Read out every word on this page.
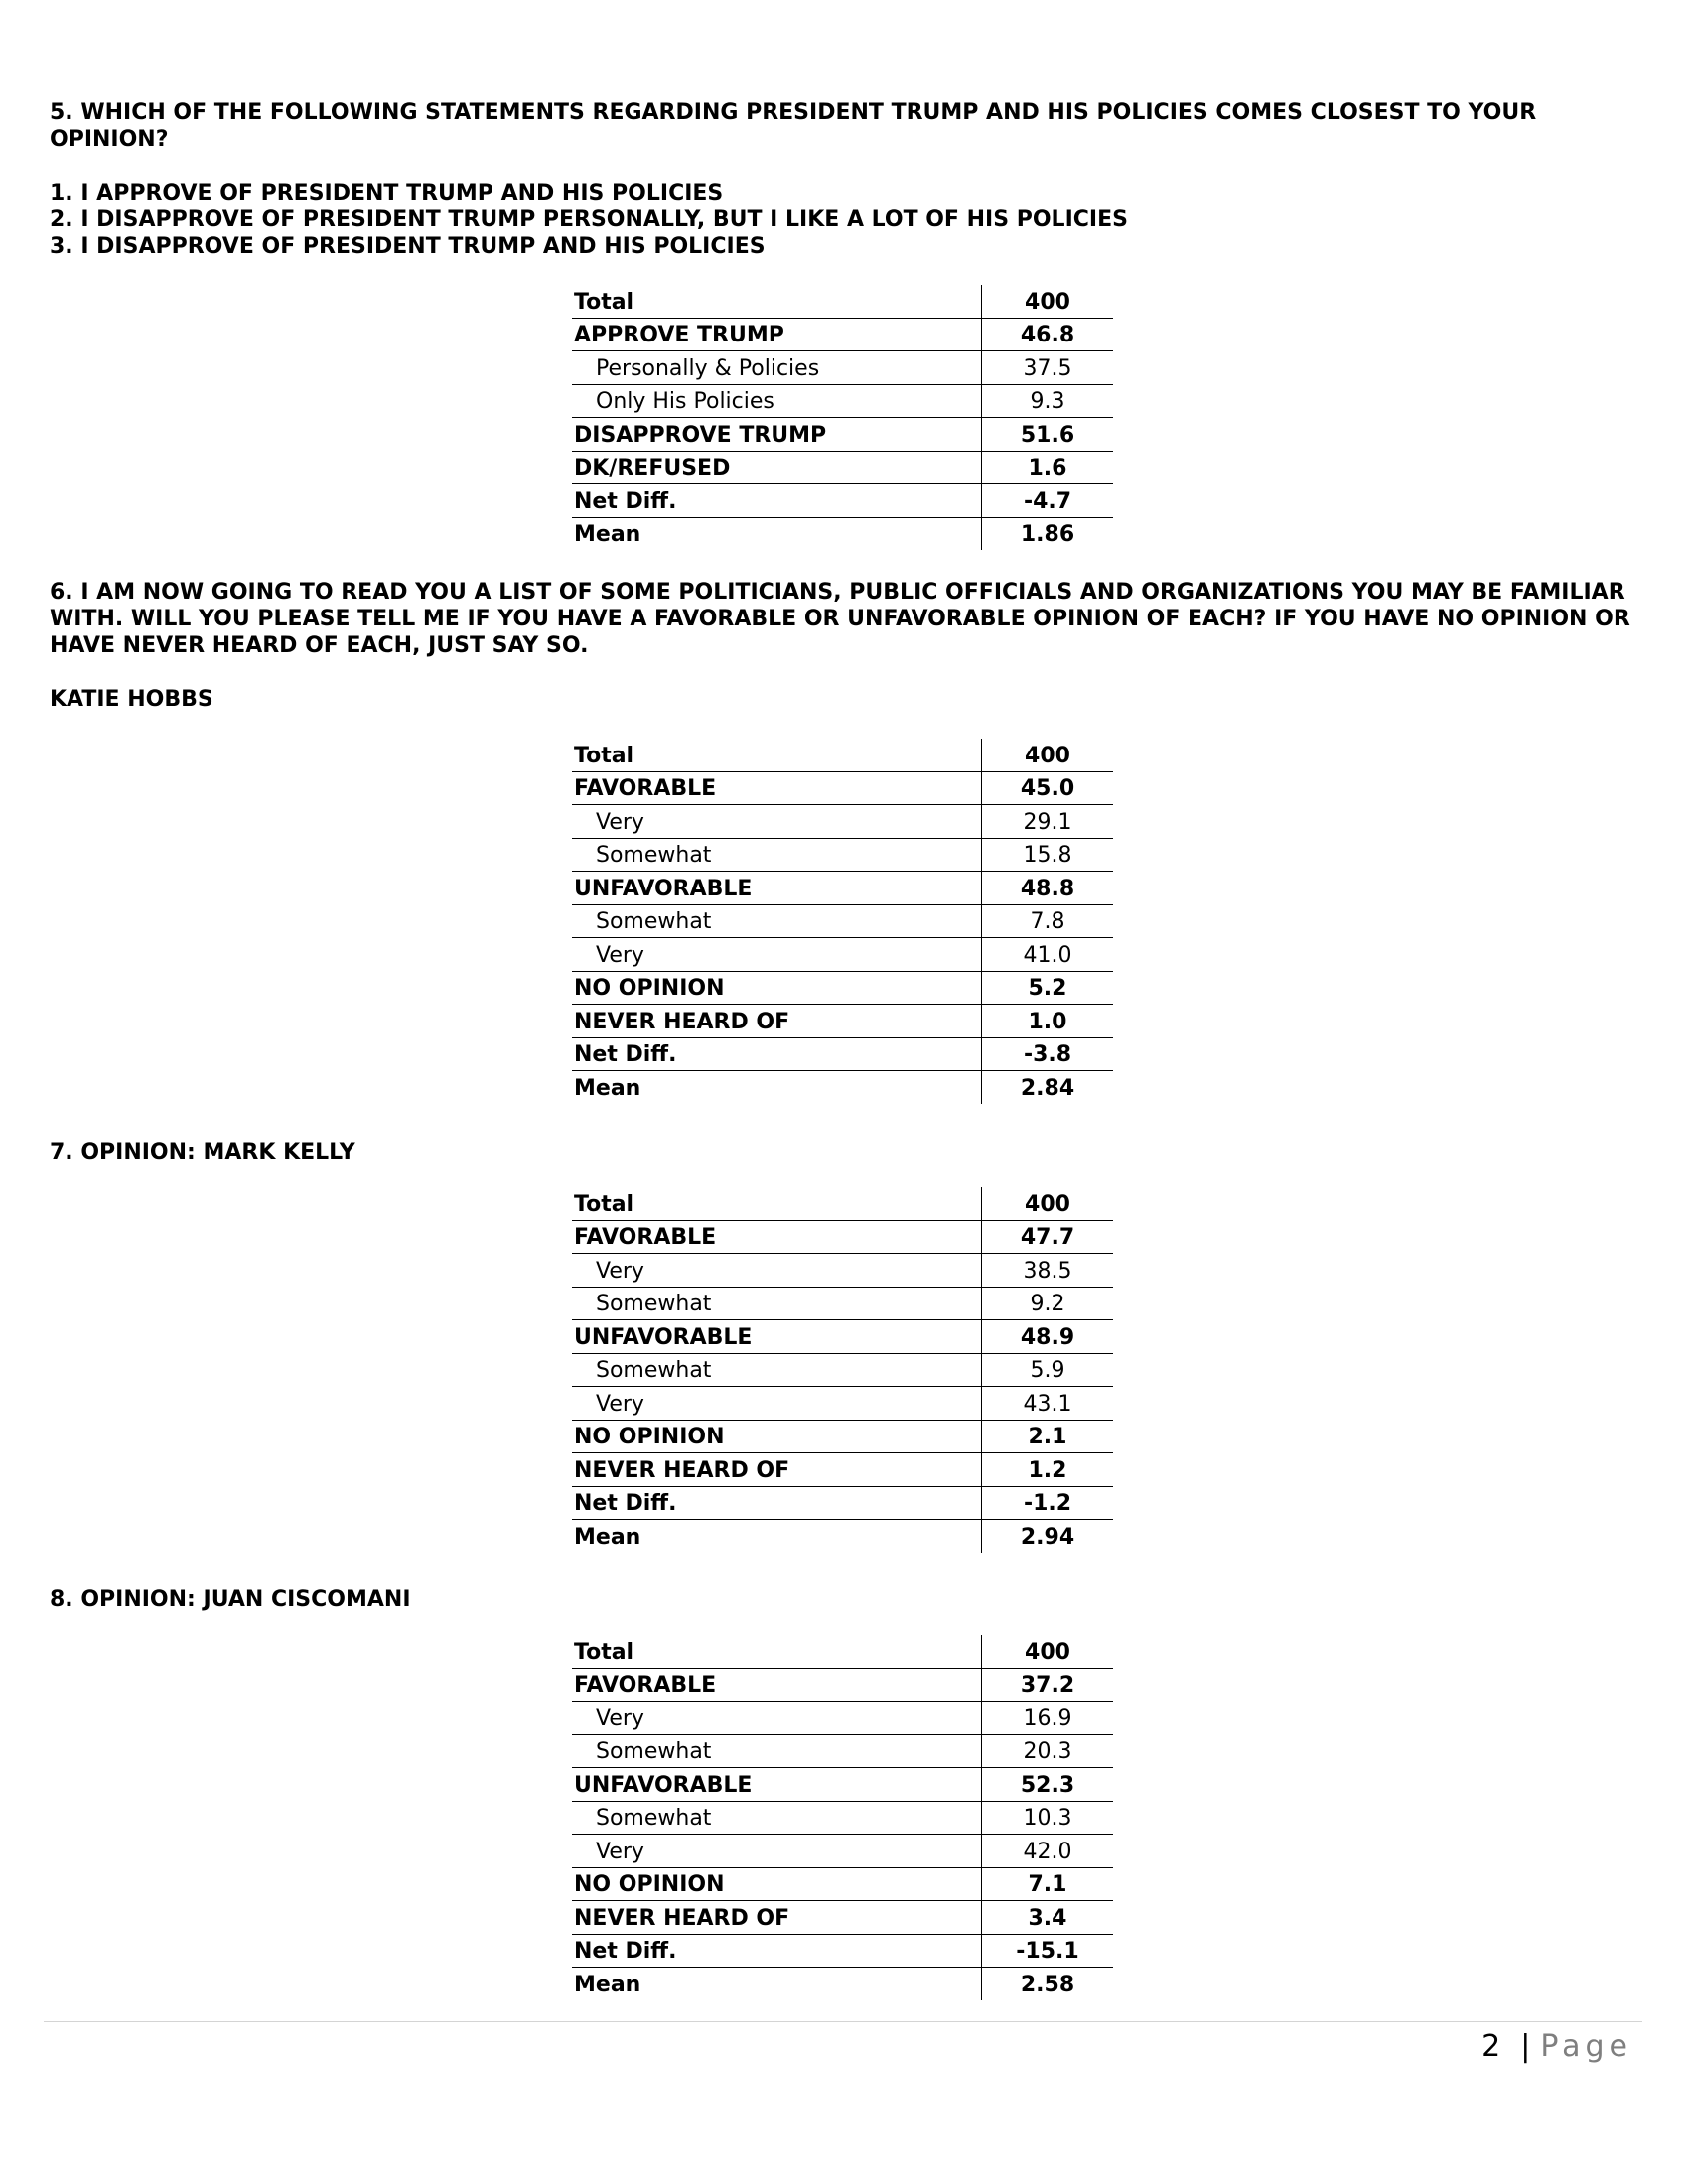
5. WHICH OF THE FOLLOWING STATEMENTS REGARDING PRESIDENT TRUMP AND HIS POLICIES COMES CLOSEST TO YOUR OPINION?

1. I APPROVE OF PRESIDENT TRUMP AND HIS POLICIES

2. I DISAPPROVE OF PRESIDENT TRUMP PERSONALLY, BUT I LIKE A LOT OF HIS POLICIES

3. I DISAPPROVE OF PRESIDENT TRUMP AND HIS POLICIES

Total	400
APPROVE TRUMP	46.8
Personally & Policies	37.5
Only His Policies	9.3
DISAPPROVE TRUMP	51.6
DK/REFUSED	1.6
Net Diff.	-4.7
Mean	1.86

6. I AM NOW GOING TO READ YOU A LIST OF SOME POLITICIANS, PUBLIC OFFICIALS AND ORGANIZATIONS YOU MAY BE FAMILIAR WITH. WILL YOU PLEASE TELL ME IF YOU HAVE A FAVORABLE OR UNFAVORABLE OPINION OF EACH? IF YOU HAVE NO OPINION OR HAVE NEVER HEARD OF EACH, JUST SAY SO.

KATIE HOBBS

Total	400
FAVORABLE	45.0
Very	29.1
Somewhat	15.8
UNFAVORABLE	48.8
Somewhat	7.8
Very	41.0
NO OPINION	5.2
NEVER HEARD OF	1.0
Net Diff.	-3.8
Mean	2.84

7. OPINION: MARK KELLY

Total	400
FAVORABLE	47.7
Very	38.5
Somewhat	9.2
UNFAVORABLE	48.9
Somewhat	5.9
Very	43.1
NO OPINION	2.1
NEVER HEARD OF	1.2
Net Diff.	-1.2
Mean	2.94

8. OPINION: JUAN CISCOMANI

Total	400
FAVORABLE	37.2
Very	16.9
Somewhat	20.3
UNFAVORABLE	52.3
Somewhat	10.3
Very	42.0
NO OPINION	7.1
NEVER HEARD OF	3.4
Net Diff.	-15.1
Mean	2.58
2 | Page
